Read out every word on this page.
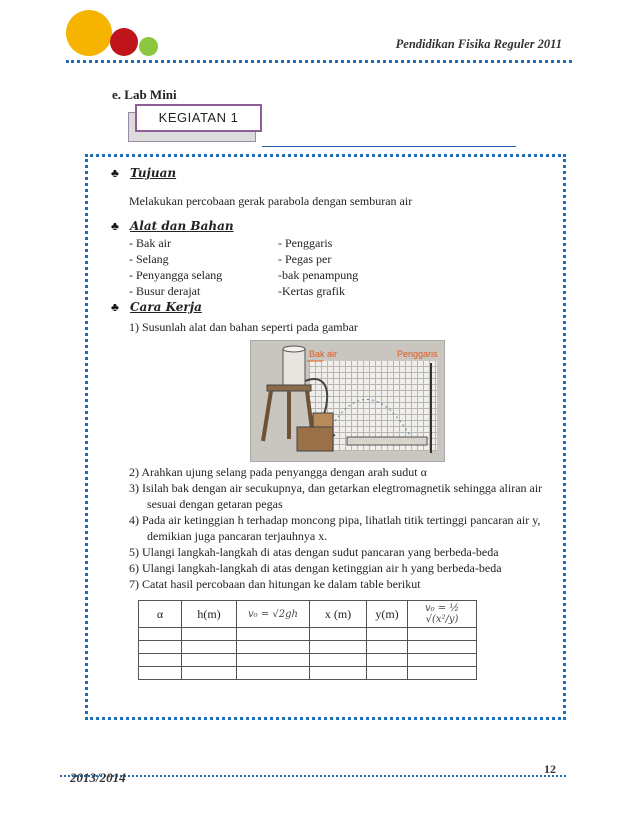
Pendidikan Fisika Reguler 2011
e. Lab Mini
KEGIATAN 1
♣ Tujuan
Melakukan percobaan gerak parabola dengan semburan air
♣ Alat dan Bahan
- Bak air
- Selang
- Penyangga selang
- Busur derajat
- Penggaris
- Pegas per
-bak penampung
-Kertas grafik
♣ Cara Kerja
1) Susunlah alat dan bahan seperti pada gambar
Bak air	Penggaris
2) Arahkan ujung selang pada penyangga dengan arah sudut α
3) Isilah bak dengan air secukupnya, dan getarkan elegtromagnetik sehingga aliran air
sesuai dengan getaran pegas
4) Pada air ketinggian h terhadap moncong pipa, lihatlah titik tertinggi pancaran air y,
demikian juga pancaran terjauhnya x.
5) Ulangi langkah-langkah di atas dengan sudut pancaran yang berbeda-beda
6) Ulangi langkah-langkah di atas dengan ketinggian air h yang berbeda-beda
7) Catat hasil percobaan dan hitungan ke dalam table berikut
α	h(m)	v₀ = √2gh	x (m)	y(m)	v₀ = ½ √(x²/y)

12
2013/2014
